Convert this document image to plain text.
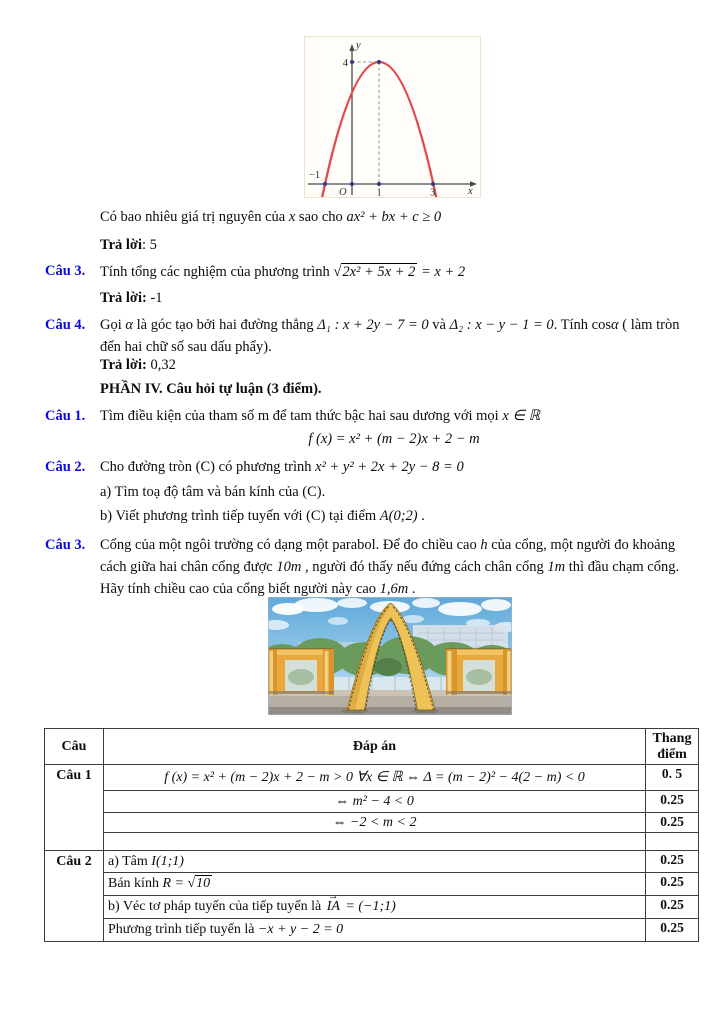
y
x
O
4
−1
1	3
Có bao nhiêu giá trị nguyên của x sao cho ax² + bx + c ≥ 0
Trả lời: 5
Câu 3. Tính tổng các nghiệm của phương trình √2x² + 5x + 2 = x + 2
Trả lời: -1
Câu 4. Gọi α là góc tạo bởi hai đường thẳng Δ₁ : x + 2y − 7 = 0 và Δ₂ : x − y − 1 = 0. Tính cosα ( làm tròn
đến hai chữ số sau dấu phẩy).
Trả lời: 0,32
PHẦN IV. Câu hỏi tự luận (3 điểm).
Câu 1. Tìm điều kiện của tham số m để tam thức bậc hai sau dương với mọi x ∈ ℝ
f (x) = x² + (m − 2)x + 2 − m
Câu 2. Cho đường tròn (C) có phương trình x² + y² + 2x + 2y − 8 = 0
a) Tìm toạ độ tâm và bán kính của (C).
b) Viết phương trình tiếp tuyến với (C) tại điểm A(0;2) .
Câu 3. Cổng của một ngôi trường có dạng một parabol. Để đo chiều cao h của cổng, một người đo khoảng
cách giữa hai chân cổng được 10m , người đó thấy nếu đứng cách chân cổng 1m thì đầu chạm cổng.
Hãy tính chiều cao của cổng biết người này cao 1,6m .
Câu	Đáp án	Thang điểm
Câu 1	f (x) = x² + (m − 2)x + 2 − m > 0 ∀x ∈ ℝ ⇔ Δ = (m − 2)² − 4(2 − m) < 0	0. 5
	⇔ m² − 4 < 0	0.25
	⇔ −2 < m < 2	0.25

Câu 2	a) Tâm I(1;1)	0.25
	Bán kính R = √10	0.25
	b) Véc tơ pháp tuyến của tiếp tuyến là → IA = (−1;1)	0.25
	Phương trình tiếp tuyến là −x + y − 2 = 0	0.25
